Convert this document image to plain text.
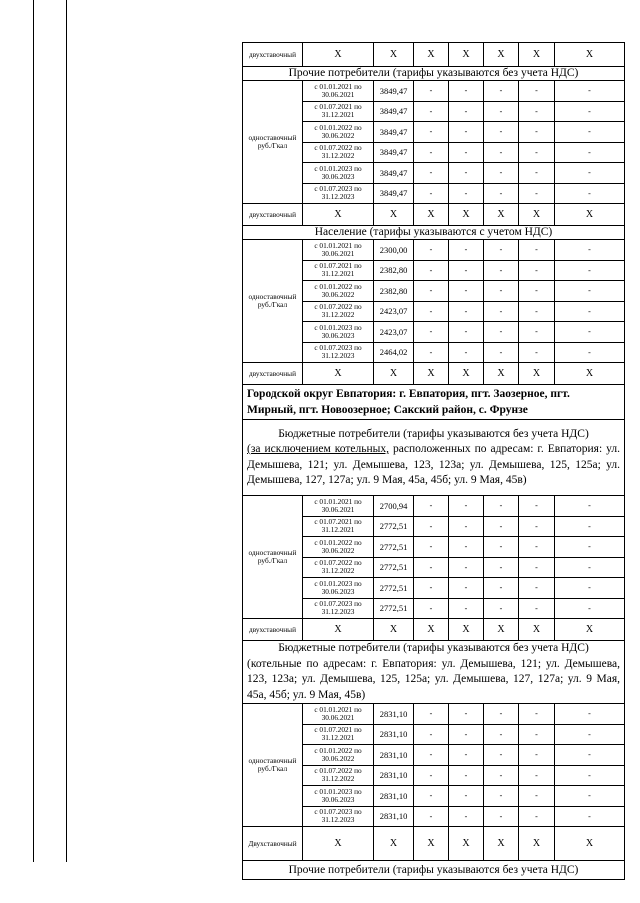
двухставочный	Х	Х	Х	Х	Х	Х	Х
Прочие потребители (тарифы указываются без учета НДС)							
одноставочный
руб./Гкал	с 01.01.2021 по 30.06.2021	3849,47	-	-	-	-	-
	с 01.07.2021 по 31.12.2021	3849,47	-	-	-	-	-
	с 01.01.2022 по 30.06.2022	3849,47	-	-	-	-	-
	с 01.07.2022 по 31.12.2022	3849,47	-	-	-	-	-
	с 01.01.2023 по 30.06.2023	3849,47	-	-	-	-	-
	с 01.07.2023 по 31.12.2023	3849,47	-	-	-	-	-
двухставочный	Х	Х	Х	Х	Х	Х	Х
Население (тарифы указываются с учетом НДС)							
одноставочный
руб./Гкал	с 01.01.2021 по 30.06.2021	2300,00	-	-	-	-	-
	с 01.07.2021 по 31.12.2021	2382,80	-	-	-	-	-
	с 01.01.2022 по 30.06.2022	2382,80	-	-	-	-	-
	с 01.07.2022 по 31.12.2022	2423,07	-	-	-	-	-
	с 01.01.2023 по 30.06.2023	2423,07	-	-	-	-	-
	с 01.07.2023 по 31.12.2023	2464,02	-	-	-	-	-
двухставочный	Х	Х	Х	Х	Х	Х	Х
Городской округ Евпатория: г. Евпатория, пгт. Заозерное, пгт. Мирный, пгт. Новоозерное; Сакский район, с. Фрунзе							

Бюджетные потребители (тарифы указываются без учета НДС)
(за исключением котельных, расположенных по адресам: г. Евпатория: ул. Демышева, 121; ул. Демышева, 123, 123а; ул. Демышева, 125, 125а; ул. Демышева, 127, 127а; ул. 9 Мая, 45а, 45б; ул. 9 Мая, 45в)							

одноставочный
руб./Гкал	с 01.01.2021 по 30.06.2021	2700,94	-	-	-	-	-
	с 01.07.2021 по 31.12.2021	2772,51	-	-	-	-	-
	с 01.01.2022 по 30.06.2022	2772,51	-	-	-	-	-
	с 01.07.2022 по 31.12.2022	2772,51	-	-	-	-	-
	с 01.01.2023 по 30.06.2023	2772,51	-	-	-	-	-
	с 01.07.2023 по 31.12.2023	2772,51	-	-	-	-	-
двухставочный	Х	Х	Х	Х	Х	Х	Х

Бюджетные потребители (тарифы указываются без учета НДС)
(котельные по адресам: г. Евпатория: ул. Демышева, 121; ул. Демышева, 123, 123а; ул. Демышева, 125, 125а; ул. Демышева, 127, 127а; ул. 9 Мая, 45а, 45б; ул. 9 Мая, 45в)							

одноставочный
руб./Гкал	с 01.01.2021 по 30.06.2021	2831,10	-	-	-	-	-
	с 01.07.2021 по 31.12.2021	2831,10	-	-	-	-	-
	с 01.01.2022 по 30.06.2022	2831,10	-	-	-	-	-
	с 01.07.2022 по 31.12.2022	2831,10	-	-	-	-	-
	с 01.01.2023 по 30.06.2023	2831,10	-	-	-	-	-
	с 01.07.2023 по 31.12.2023	2831,10	-	-	-	-	-
Двухставочный	Х	Х	Х	Х	Х	Х	Х
Прочие потребители (тарифы указываются без учета НДС)							
